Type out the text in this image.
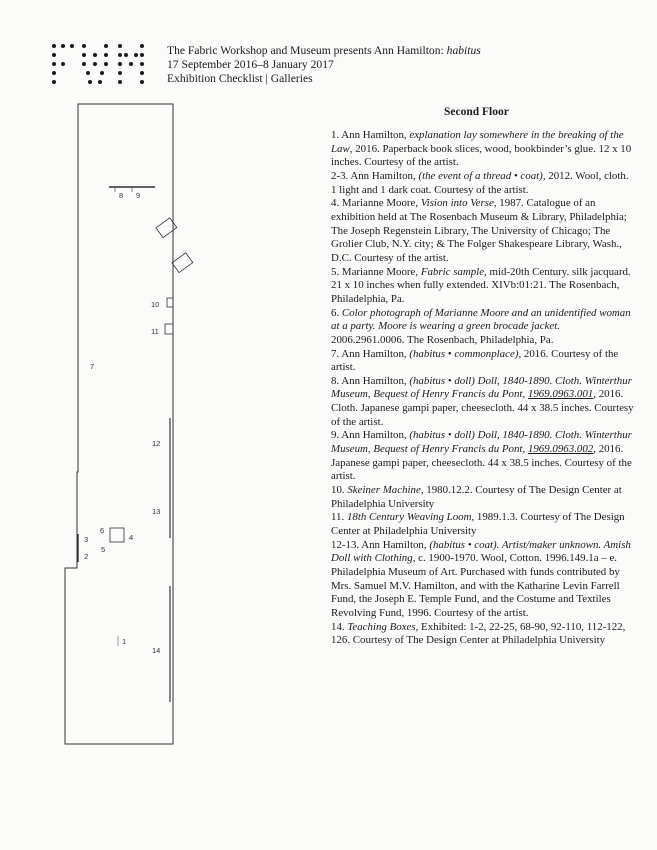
The Fabric Workshop and Museum presents Ann Hamilton: habitus
17 September 2016–8 January 2017
Exhibition Checklist | Galleries
8 9
10
11
7
12
13
4
5
6
3
2
1
14
Second Floor

1. Ann Hamilton, explanation lay somewhere in the breaking of the Law, 2016. Paperback book slices, wood, bookbinder’s glue. 12 x 10 inches. Courtesy of the artist.

2-3. Ann Hamilton, (the event of a thread • coat), 2012. Wool, cloth. 1 light and 1 dark coat. Courtesy of the artist.

4. Marianne Moore, Vision into Verse, 1987. Catalogue of an exhibition held at The Rosenbach Museum & Library, Philadelphia; The Joseph Regenstein Library, The University of Chicago; The Grolier Club, N.Y. city; & The Folger Shakespeare Library, Wash., D.C. Courtesy of the artist.

5. Marianne Moore, Fabric sample, mid-20th Century. silk jacquard. 21 x 10 inches when fully extended. XIVb:01:21. The Rosenbach, Philadelphia, Pa.

6. Color photograph of Marianne Moore and an unidentified woman at a party. Moore is wearing a green brocade jacket. 2006.2961.0006. The Rosenbach, Philadelphia, Pa.

7. Ann Hamilton, (habitus • commonplace), 2016. Courtesy of the artist.

8. Ann Hamilton, (habitus • doll) Doll, 1840-1890. Cloth. Winterthur Museum, Bequest of Henry Francis du Pont, 1969.0963.001, 2016. Cloth. Japanese gampi paper, cheesecloth. 44 x 38.5 inches. Courtesy of the artist.

9. Ann Hamilton, (habitus • doll) Doll, 1840-1890. Cloth. Winterthur Museum, Bequest of Henry Francis du Pont, 1969.0963.002, 2016. Japanese gampi paper, cheesecloth. 44 x 38.5 inches. Courtesy of the artist.

10. Skeiner Machine, 1980.12.2. Courtesy of The Design Center at Philadelphia University

11. 18th Century Weaving Loom, 1989.1.3. Courtesy of The Design Center at Philadelphia University

12-13. Ann Hamilton, (habitus • coat). Artist/maker unknown. Amish Doll with Clothing, c. 1900-1970. Wool, Cotton. 1996.149.1a – e. Philadelphia Museum of Art. Purchased with funds contributed by Mrs. Samuel M.V. Hamilton, and with the Katharine Levin Farrell Fund, the Joseph E. Temple Fund, and the Costume and Textiles Revolving Fund, 1996. Courtesy of the artist.

14. Teaching Boxes, Exhibited: 1-2, 22-25, 68-90, 92-110, 112-122, 126. Courtesy of The Design Center at Philadelphia University
